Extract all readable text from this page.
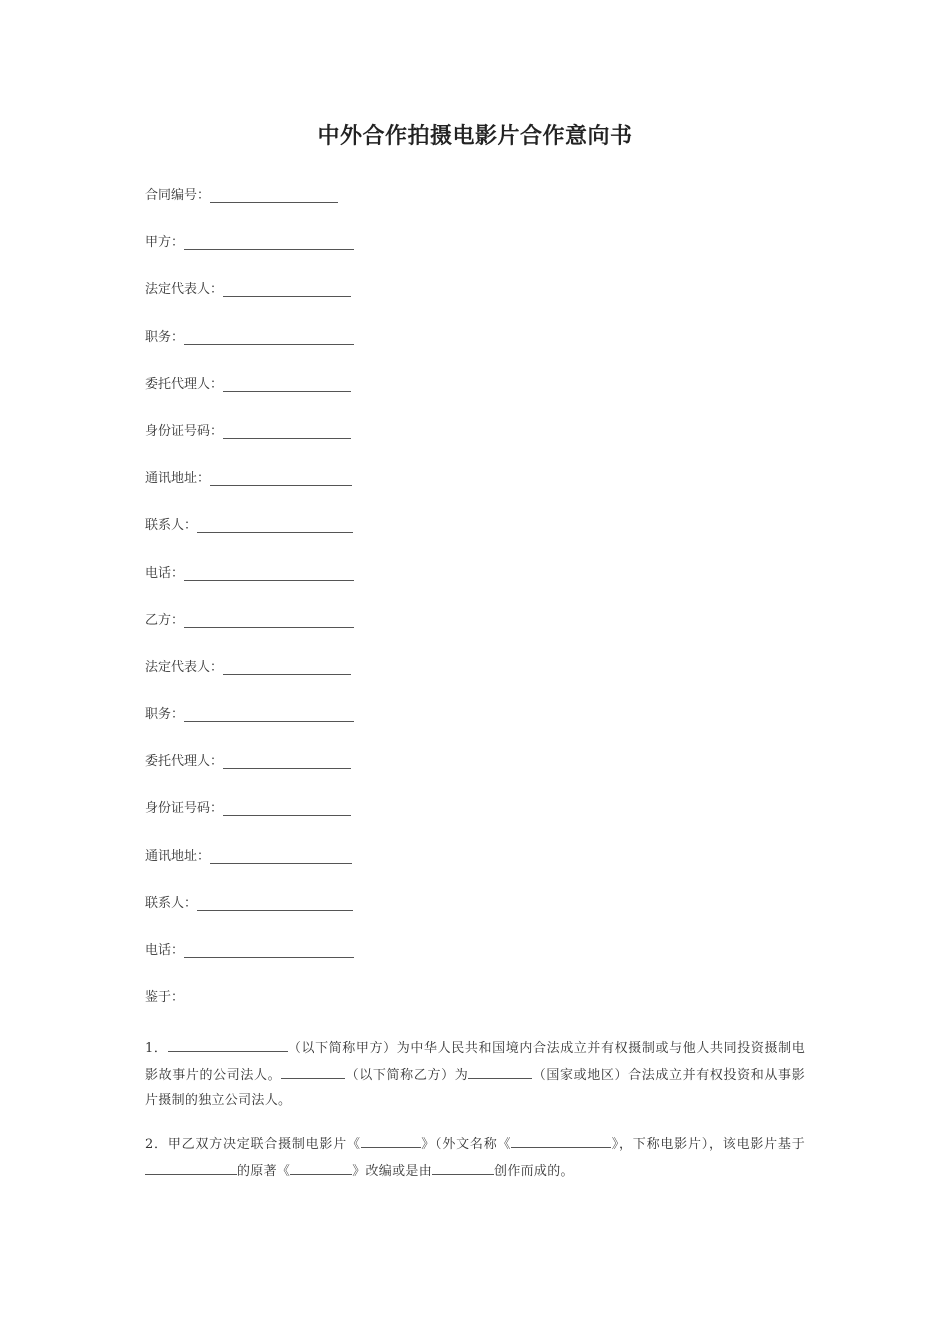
中外合作拍摄电影片合作意向书
合同编号：
甲方：
法定代表人：
职务：
委托代理人：
身份证号码：
通讯地址：
联系人：
电话：
乙方：
法定代表人：
职务：
委托代理人：
身份证号码：
通讯地址：
联系人：
电话：
鉴于：
1．	（以下简称甲方）为中华人民共和国境内合法成立并有权摄制或与他人共同投资摄制电影故事片的公司法人。	（以下简称乙方）为	（国家或地区）合法成立并有权投资和从事影片摄制的独立公司法人。
2．甲乙双方决定联合摄制电影片《	》（外文名称《	》，下称电影片），该电影片基于的原著《	》改编或是由	创作而成的。
